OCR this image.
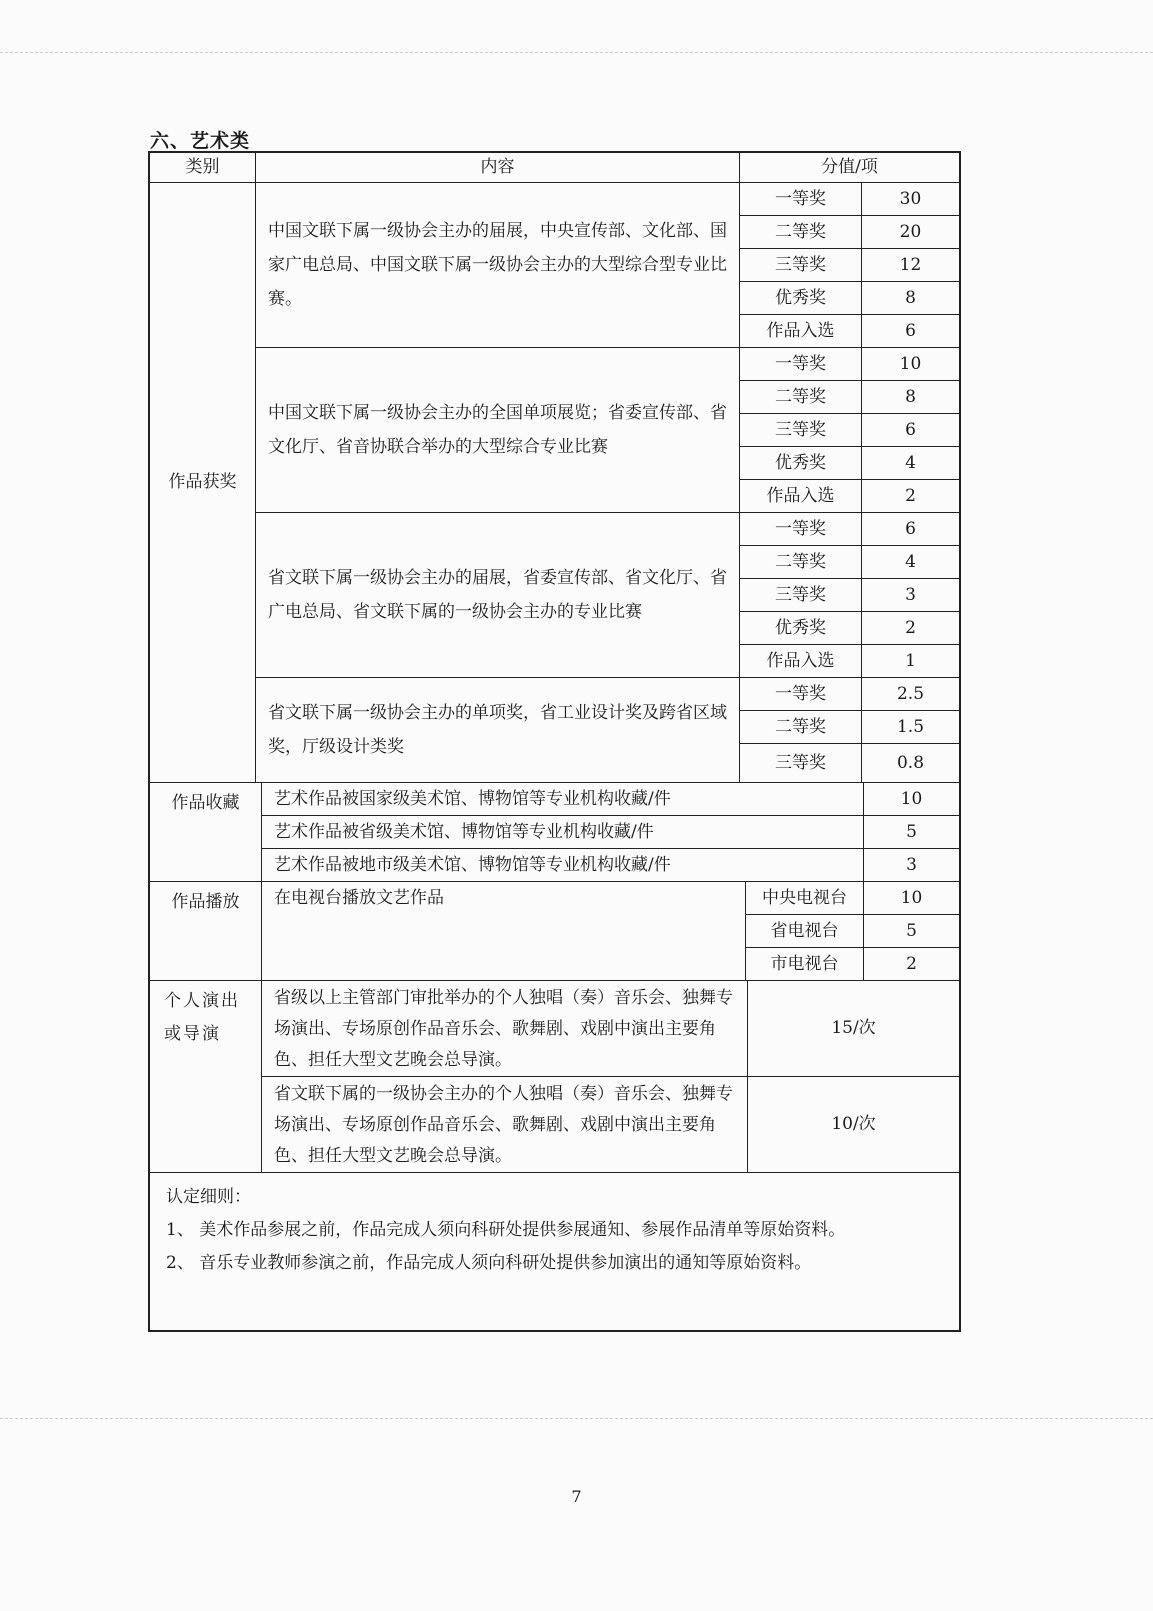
六、艺术类
类别	内容	分值/项
作品获奖
中国文联下属一级协会主办的届展，中央宣传部、文化部、国家广电总局、中国文联下属一级协会主办的大型综合型专业比赛。
一等奖	30
二等奖	20
三等奖	12
优秀奖	8
作品入选	6
中国文联下属一级协会主办的全国单项展览；省委宣传部、省文化厅、省音协联合举办的大型综合专业比赛
一等奖	10
二等奖	8
三等奖	6
优秀奖	4
作品入选	2
省文联下属一级协会主办的届展，省委宣传部、省文化厅、省广电总局、省文联下属的一级协会主办的专业比赛
一等奖	6
二等奖	4
三等奖	3
优秀奖	2
作品入选	1
省文联下属一级协会主办的单项奖，省工业设计奖及跨省区域奖，厅级设计类奖
一等奖	2.5
二等奖	1.5
三等奖	0.8
作品收藏	艺术作品被国家级美术馆、博物馆等专业机构收藏/件	10
艺术作品被省级美术馆、博物馆等专业机构收藏/件	5
艺术作品被地市级美术馆、博物馆等专业机构收藏/件	3
作品播放	在电视台播放文艺作品	中央电视台	10
省电视台	5
市电视台	2
个人演出或导演
省级以上主管部门审批举办的个人独唱（奏）音乐会、独舞专场演出、专场原创作品音乐会、歌舞剧、戏剧中演出主要角色、担任大型文艺晚会总导演。
15/次
省文联下属的一级协会主办的个人独唱（奏）音乐会、独舞专场演出、专场原创作品音乐会、歌舞剧、戏剧中演出主要角色、担任大型文艺晚会总导演。
10/次
认定细则：
1、 美术作品参展之前，作品完成人须向科研处提供参展通知、参展作品清单等原始资料。
2、 音乐专业教师参演之前，作品完成人须向科研处提供参加演出的通知等原始资料。
7
